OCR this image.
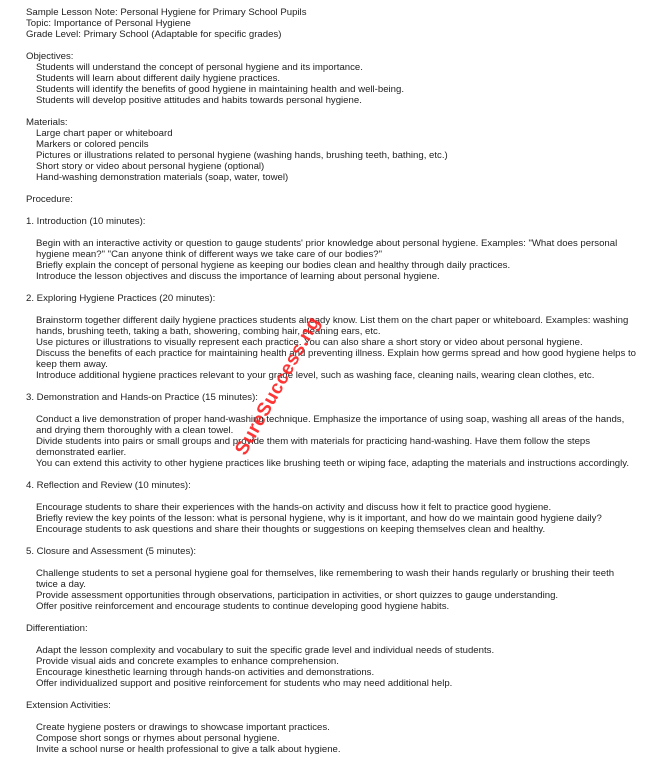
Sample Lesson Note: Personal Hygiene for Primary School Pupils
Topic: Importance of Personal Hygiene
Grade Level: Primary School (Adaptable for specific grades)
Objectives:
Students will understand the concept of personal hygiene and its importance.
Students will learn about different daily hygiene practices.
Students will identify the benefits of good hygiene in maintaining health and well-being.
Students will develop positive attitudes and habits towards personal hygiene.
Materials:
Large chart paper or whiteboard
Markers or colored pencils
Pictures or illustrations related to personal hygiene (washing hands, brushing teeth, bathing, etc.)
Short story or video about personal hygiene (optional)
Hand-washing demonstration materials (soap, water, towel)
Procedure:
1. Introduction (10 minutes):
Begin with an interactive activity or question to gauge students' prior knowledge about personal hygiene. Examples: "What does personal hygiene mean?" "Can anyone think of different ways we take care of our bodies?"
Briefly explain the concept of personal hygiene as keeping our bodies clean and healthy through daily practices.
Introduce the lesson objectives and discuss the importance of learning about personal hygiene.
2. Exploring Hygiene Practices (20 minutes):
Brainstorm together different daily hygiene practices students already know. List them on the chart paper or whiteboard. Examples: washing hands, brushing teeth, taking a bath, showering, combing hair, cleaning ears, etc.
Use pictures or illustrations to visually represent each practice. You can also share a short story or video about personal hygiene.
Discuss the benefits of each practice for maintaining health and preventing illness. Explain how germs spread and how good hygiene helps to keep them away.
Introduce additional hygiene practices relevant to your grade level, such as washing face, cleaning nails, wearing clean clothes, etc.
3. Demonstration and Hands-on Practice (15 minutes):
Conduct a live demonstration of proper hand-washing technique. Emphasize the importance of using soap, washing all areas of the hands, and drying them thoroughly with a clean towel.
Divide students into pairs or small groups and provide them with materials for practicing hand-washing. Have them follow the steps demonstrated earlier.
You can extend this activity to other hygiene practices like brushing teeth or wiping face, adapting the materials and instructions accordingly.
4. Reflection and Review (10 minutes):
Encourage students to share their experiences with the hands-on activity and discuss how it felt to practice good hygiene.
Briefly review the key points of the lesson: what is personal hygiene, why is it important, and how do we maintain good hygiene daily?
Encourage students to ask questions and share their thoughts or suggestions on keeping themselves clean and healthy.
5. Closure and Assessment (5 minutes):
Challenge students to set a personal hygiene goal for themselves, like remembering to wash their hands regularly or brushing their teeth twice a day.
Provide assessment opportunities through observations, participation in activities, or short quizzes to gauge understanding.
Offer positive reinforcement and encourage students to continue developing good hygiene habits.
Differentiation:
Adapt the lesson complexity and vocabulary to suit the specific grade level and individual needs of students.
Provide visual aids and concrete examples to enhance comprehension.
Encourage kinesthetic learning through hands-on activities and demonstrations.
Offer individualized support and positive reinforcement for students who may need additional help.
Extension Activities:
Create hygiene posters or drawings to showcase important practices.
Compose short songs or rhymes about personal hygiene.
Invite a school nurse or health professional to give a talk about hygiene.
SureSuccess.ng
